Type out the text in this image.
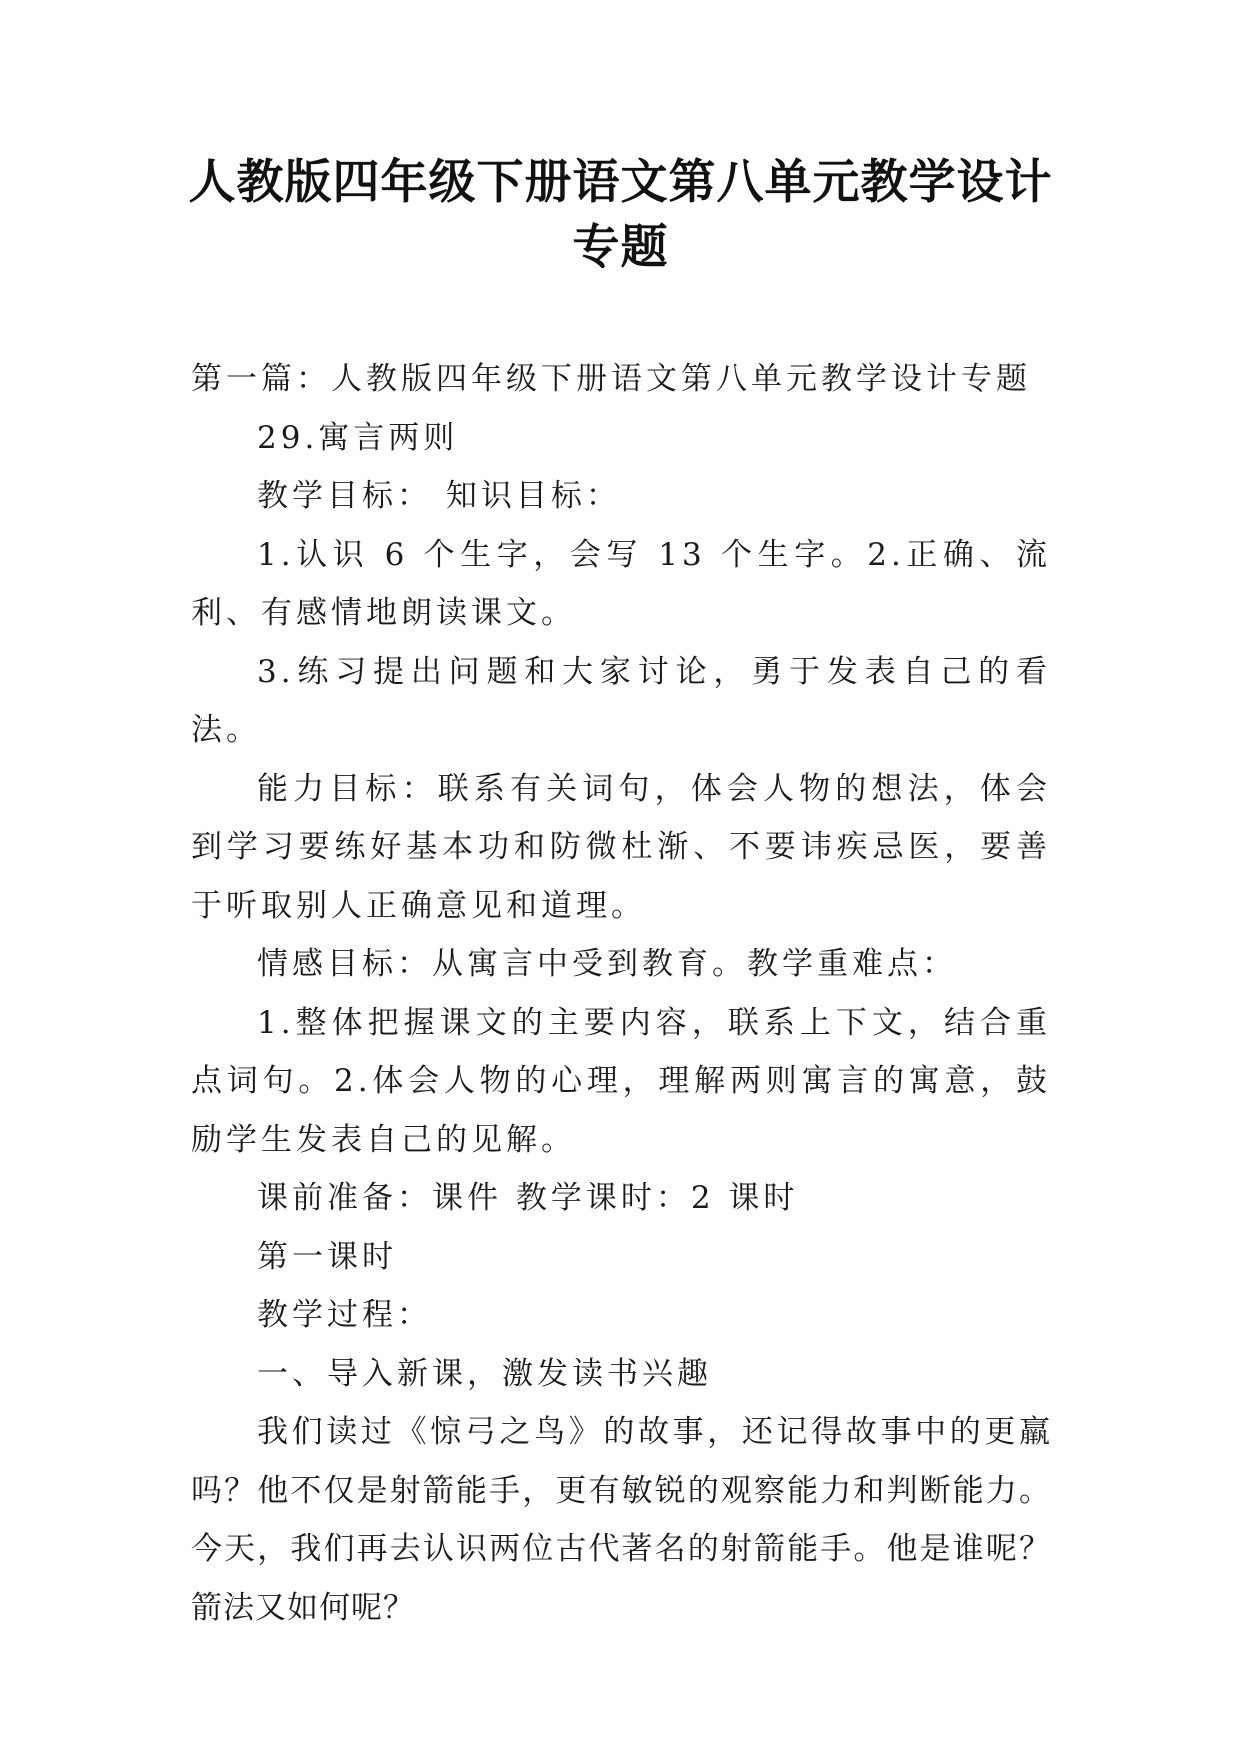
人教版四年级下册语文第八单元教学设计
专题

第一篇：人教版四年级下册语文第八单元教学设计专题

29.寓言两则

教学目标： 知识目标：

1.认识 6 个生字，会写 13 个生字。2.正确、流利、有感情地朗读课文。

3.练习提出问题和大家讨论，勇于发表自己的看法。

能力目标：联系有关词句，体会人物的想法，体会到学习要练好基本功和防微杜渐、不要讳疾忌医，要善于听取别人正确意见和道理。

情感目标：从寓言中受到教育。教学重难点：

1.整体把握课文的主要内容，联系上下文，结合重点词句。2.体会人物的心理，理解两则寓言的寓意，鼓励学生发表自己的见解。

课前准备：课件 教学课时：2 课时

第一课时

教学过程：

一、导入新课，激发读书兴趣

我们读过《惊弓之鸟》的故事，还记得故事中的更羸吗？他不仅是射箭能手，更有敏锐的观察能力和判断能力。今天，我们再去认识两位古代著名的射箭能手。他是谁呢？箭法又如何呢？
